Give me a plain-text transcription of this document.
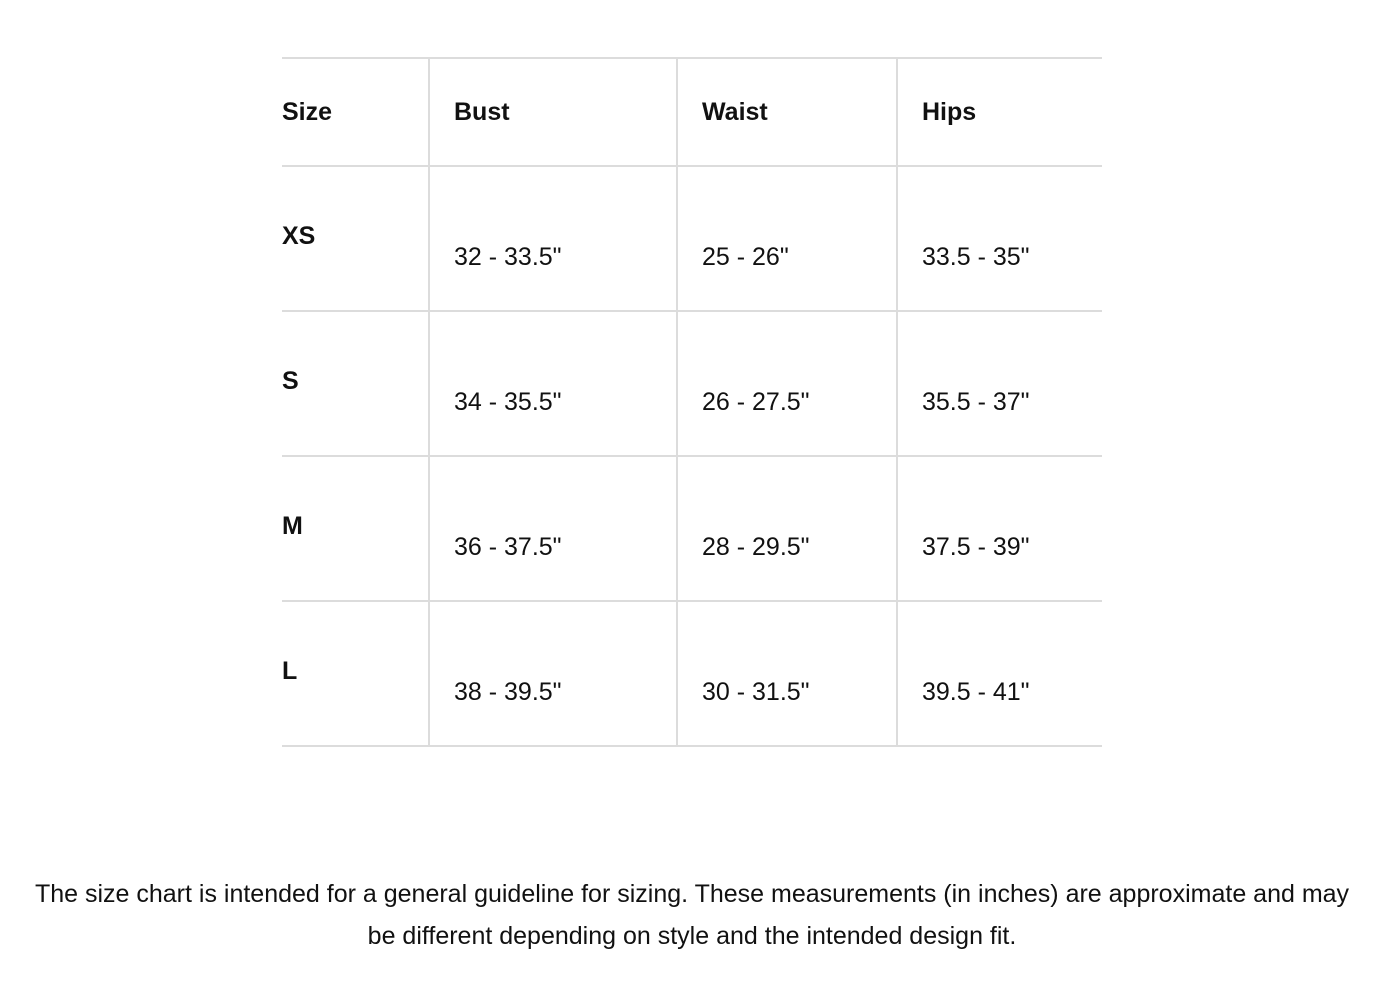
Size	Bust	Waist	Hips
XS	32 - 33.5"	25 - 26"	33.5 - 35"
S	34 - 35.5"	26 - 27.5"	35.5 - 37"
M	36 - 37.5"	28 - 29.5"	37.5 - 39"
L	38 - 39.5"	30 - 31.5"	39.5 - 41"

The size chart is intended for a general guideline for sizing. These measurements (in inches) are approximate and may be different depending on style and the intended design fit.
